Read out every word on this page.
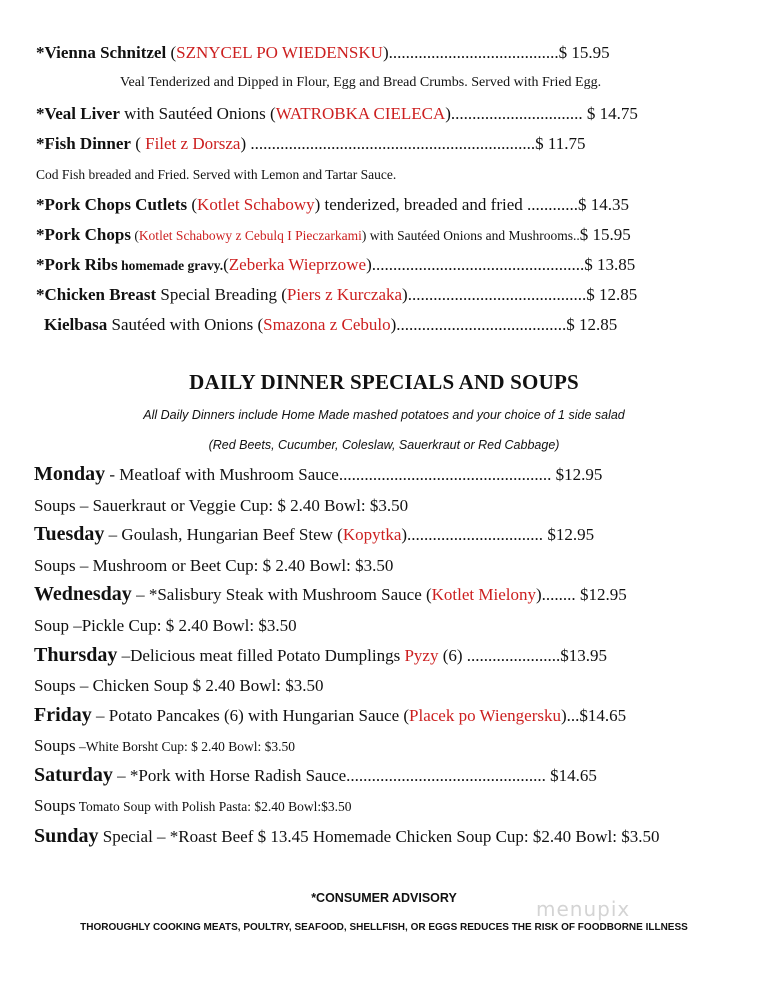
*Vienna Schnitzel (SZNYCEL PO WIEDENSKU)........................................$ 15.95
Veal Tenderized and Dipped in Flour, Egg and Bread Crumbs. Served with Fried Egg.
*Veal Liver with Sautéed Onions (WATROBKA CIELECA)............................... $ 14.75
*Fish Dinner ( Filet z Dorsza) ...................................................................$ 11.75
Cod Fish breaded and Fried. Served with Lemon and Tartar Sauce.
*Pork Chops Cutlets (Kotlet Schabowy) tenderized, breaded and fried ............$ 14.35
*Pork Chops (Kotlet Schabowy z Cebulq I Pieczarkami) with Sautéed Onions and Mushrooms..$ 15.95
*Pork Ribs homemade gravy.(Zeberka Wieprzowe)..................................................$ 13.85
*Chicken Breast Special Breading (Piers z Kurczaka)..........................................$ 12.85
Kielbasa Sautéed with Onions (Smazona z Cebulo)........................................$ 12.85
DAILY DINNER SPECIALS AND SOUPS
All Daily Dinners include Home Made mashed potatoes and your choice of 1 side salad
(Red Beets, Cucumber, Coleslaw, Sauerkraut or Red Cabbage)
Monday - Meatloaf with Mushroom Sauce.................................................. $12.95
Soups – Sauerkraut or Veggie Cup: $ 2.40 Bowl: $3.50
Tuesday – Goulash, Hungarian Beef Stew (Kopytka)................................ $12.95
Soups – Mushroom or Beet Cup: $ 2.40 Bowl: $3.50
Wednesday – *Salisbury Steak with Mushroom Sauce (Kotlet Mielony)........ $12.95
Soup –Pickle Cup: $ 2.40 Bowl: $3.50
Thursday –Delicious meat filled Potato Dumplings Pyzy (6) ......................$13.95
Soups – Chicken Soup $ 2.40 Bowl: $3.50
Friday – Potato Pancakes (6) with Hungarian Sauce (Placek po Wiengersku)...$14.65
Soups –White Borsht Cup: $ 2.40 Bowl: $3.50
Saturday – *Pork with Horse Radish Sauce............................................... $14.65
Soups Tomato Soup with Polish Pasta: $2.40 Bowl:$3.50
Sunday Special – *Roast Beef $ 13.45 Homemade Chicken Soup Cup: $2.40 Bowl: $3.50
*CONSUMER ADVISORY
THOROUGHLY COOKING MEATS, POULTRY, SEAFOOD, SHELLFISH, OR EGGS REDUCES THE RISK OF FOODBORNE ILLNESS
menupix
